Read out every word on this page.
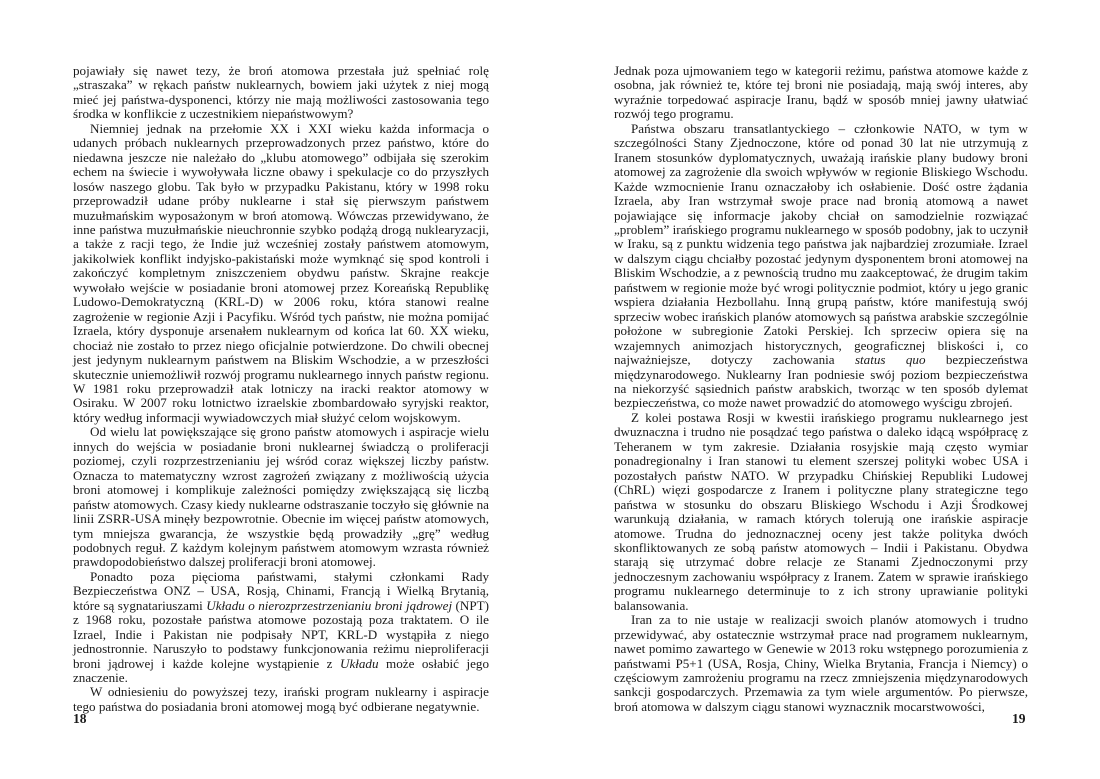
pojawiały się nawet tezy, że broń atomowa przestała już spełniać rolę „straszaka” w rękach państw nuklearnych, bowiem jaki użytek z niej mogą mieć jej państwa-dysponenci, którzy nie mają możliwości zastosowania tego środka w konflikcie z uczestnikiem niepaństwowym?

Niemniej jednak na przełomie XX i XXI wieku każda informacja o udanych próbach nuklearnych przeprowadzonych przez państwo, które do niedawna jeszcze nie należało do „klubu atomowego” odbijała się szerokim echem na świecie i wywoływała liczne obawy i spekulacje co do przyszłych losów naszego globu. Tak było w przypadku Pakistanu, który w 1998 roku przeprowadził udane próby nuklearne i stał się pierwszym państwem muzułmańskim wyposażonym w broń atomową. Wówczas przewidywano, że inne państwa muzułmańskie nieuchronnie szybko podążą drogą nuklearyzacji, a także z racji tego, że Indie już wcześniej zostały państwem atomowym, jakikolwiek konflikt indyjsko-pakistański może wymknąć się spod kontroli i zakończyć kompletnym zniszczeniem obydwu państw. Skrajne reakcje wywołało wejście w posiadanie broni atomowej przez Koreańską Republikę Ludowo-Demokratyczną (KRL-D) w 2006 roku, która stanowi realne zagrożenie w regionie Azji i Pacyfiku. Wśród tych państw, nie można pomijać Izraela, który dysponuje arsenałem nuklearnym od końca lat 60. XX wieku, chociaż nie zostało to przez niego oficjalnie potwierdzone. Do chwili obecnej jest jedynym nuklearnym państwem na Bliskim Wschodzie, a w przeszłości skutecznie uniemożliwił rozwój programu nuklearnego innych państw regionu. W 1981 roku przeprowadził atak lotniczy na iracki reaktor atomowy w Osiraku. W 2007 roku lotnictwo izraelskie zbombardowało syryjski reaktor, który według informacji wywiadowczych miał służyć celom wojskowym.

Od wielu lat powiększające się grono państw atomowych i aspiracje wielu innych do wejścia w posiadanie broni nuklearnej świadczą o proliferacji poziomej, czyli rozprzestrzenianiu jej wśród coraz większej liczby państw. Oznacza to matematyczny wzrost zagrożeń związany z możliwością użycia broni atomowej i komplikuje zależności pomiędzy zwiększającą się liczbą państw atomowych. Czasy kiedy nuklearne odstraszanie toczyło się głównie na linii ZSRR-USA minęły bezpowrotnie. Obecnie im więcej państw atomowych, tym mniejsza gwarancja, że wszystkie będą prowadziły „grę” według podobnych reguł. Z każdym kolejnym państwem atomowym wzrasta również prawdopodobieństwo dalszej proliferacji broni atomowej.

Ponadto poza pięcioma państwami, stałymi członkami Rady Bezpieczeństwa ONZ – USA, Rosją, Chinami, Francją i Wielką Brytanią, które są sygnatariuszami Układu o nierozprzestrzenianiu broni jądrowej (NPT) z 1968 roku, pozostałe państwa atomowe pozostają poza traktatem. O ile Izrael, Indie i Pakistan nie podpisały NPT, KRL-D wystąpiła z niego jednostronnie. Naruszyło to podstawy funkcjonowania reżimu nieproliferacji broni jądrowej i każde kolejne wystąpienie z Układu może osłabić jego znaczenie.

W odniesieniu do powyższej tezy, irański program nuklearny i aspiracje tego państwa do posiadania broni atomowej mogą być odbierane negatywnie.

18

Jednak poza ujmowaniem tego w kategorii reżimu, państwa atomowe każde z osobna, jak również te, które tej broni nie posiadają, mają swój interes, aby wyraźnie torpedować aspiracje Iranu, bądź w sposób mniej jawny ułatwiać rozwój tego programu.

Państwa obszaru transatlantyckiego – członkowie NATO, w tym w szczególności Stany Zjednoczone, które od ponad 30 lat nie utrzymują z Iranem stosunków dyplomatycznych, uważają irańskie plany budowy broni atomowej za zagrożenie dla swoich wpływów w regionie Bliskiego Wschodu. Każde wzmocnienie Iranu oznaczałoby ich osłabienie. Dość ostre żądania Izraela, aby Iran wstrzymał swoje prace nad bronią atomową a nawet pojawiające się informacje jakoby chciał on samodzielnie rozwiązać „problem” irańskiego programu nuklearnego w sposób podobny, jak to uczynił w Iraku, są z punktu widzenia tego państwa jak najbardziej zrozumiałe. Izrael w dalszym ciągu chciałby pozostać jedynym dysponentem broni atomowej na Bliskim Wschodzie, a z pewnością trudno mu zaakceptować, że drugim takim państwem w regionie może być wrogi politycznie podmiot, który u jego granic wspiera działania Hezbollahu. Inną grupą państw, które manifestują swój sprzeciw wobec irańskich planów atomowych są państwa arabskie szczególnie położone w subregionie Zatoki Perskiej. Ich sprzeciw opiera się na wzajemnych animozjach historycznych, geograficznej bliskości i, co najważniejsze, dotyczy zachowania status quo bezpieczeństwa międzynarodowego. Nuklearny Iran podniesie swój poziom bezpieczeństwa na niekorzyść sąsiednich państw arabskich, tworząc w ten sposób dylemat bezpieczeństwa, co może nawet prowadzić do atomowego wyścigu zbrojeń.

Z kolei postawa Rosji w kwestii irańskiego programu nuklearnego jest dwuznaczna i trudno nie posądzać tego państwa o daleko idącą współpracę z Teheranem w tym zakresie. Działania rosyjskie mają często wymiar ponadregionalny i Iran stanowi tu element szerszej polityki wobec USA i pozostałych państw NATO. W przypadku Chińskiej Republiki Ludowej (ChRL) więzi gospodarcze z Iranem i polityczne plany strategiczne tego państwa w stosunku do obszaru Bliskiego Wschodu i Azji Środkowej warunkują działania, w ramach których tolerują one irańskie aspiracje atomowe. Trudna do jednoznacznej oceny jest także polityka dwóch skonfliktowanych ze sobą państw atomowych – Indii i Pakistanu. Obydwa starają się utrzymać dobre relacje ze Stanami Zjednoczonymi przy jednoczesnym zachowaniu współpracy z Iranem. Zatem w sprawie irańskiego programu nuklearnego determinuje to z ich strony uprawianie polityki balansowania.

Iran za to nie ustaje w realizacji swoich planów atomowych i trudno przewidywać, aby ostatecznie wstrzymał prace nad programem nuklearnym, nawet pomimo zawartego w Genewie w 2013 roku wstępnego porozumienia z państwami P5+1 (USA, Rosja, Chiny, Wielka Brytania, Francja i Niemcy) o częściowym zamrożeniu programu na rzecz zmniejszenia międzynarodowych sankcji gospodarczych. Przemawia za tym wiele argumentów. Po pierwsze, broń atomowa w dalszym ciągu stanowi wyznacznik mocarstwowości,

19
